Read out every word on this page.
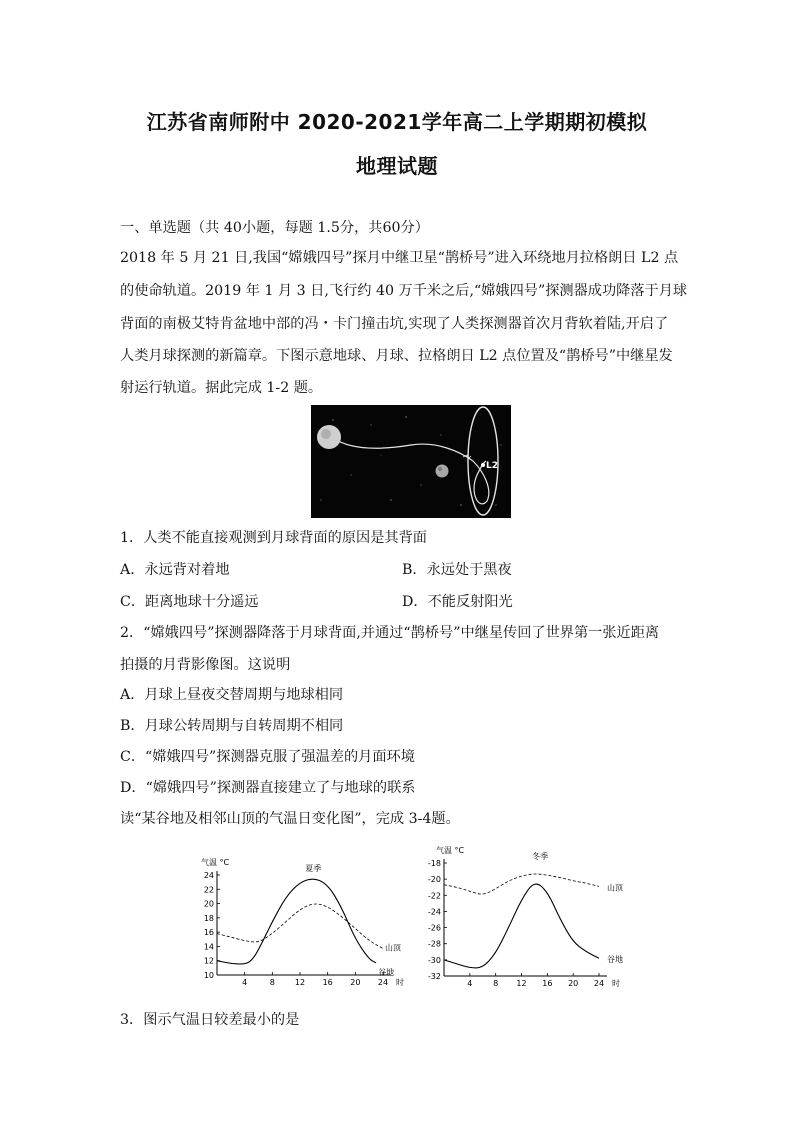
江苏省南师附中 2020-2021学年高二上学期期初模拟
地理试题
一、单选题（共 40小题，每题 1.5分，共60分）
2018 年 5 月 21 日,我国“嫦娥四号”探月中继卫星“鹊桥号”进入环绕地月拉格朗日 L2 点
的使命轨道。2019 年 1 月 3 日,飞行约 40 万千米之后,“嫦娥四号”探测器成功降落于月球
背面的南极艾特肯盆地中部的冯・卡门撞击坑,实现了人类探测器首次月背软着陆,开启了
人类月球探测的新篇章。下图示意地球、月球、拉格朗日 L2 点位置及“鹊桥号”中继星发
射运行轨道。据此完成 1-2 题。
L2
1．人类不能直接观测到月球背面的原因是其背面
A．永远背对着地	B．永远处于黑夜
C．距离地球十分遥远	D．不能反射阳光
2．“嫦娥四号”探测器降落于月球背面,并通过“鹊桥号”中继星传回了世界第一张近距离
拍摄的月背影像图。这说明
A．月球上昼夜交替周期与地球相同
B．月球公转周期与自转周期不相同
C．“嫦娥四号”探测器克服了强温差的月面环境
D．“嫦娥四号”探测器直接建立了与地球的联系
读“某谷地及相邻山顶的气温日变化图”，完成 3-4题。
10
12
14
16
18
20
22
24
4	8	12 16 20 24 时
气温 °C
夏季
山顶
谷地
-18
-20
-22
-24
-26
-28
-30
-32
4	8 12 16 20 24 时
气温 °C
冬季
山顶
谷地
3．图示气温日较差最小的是
